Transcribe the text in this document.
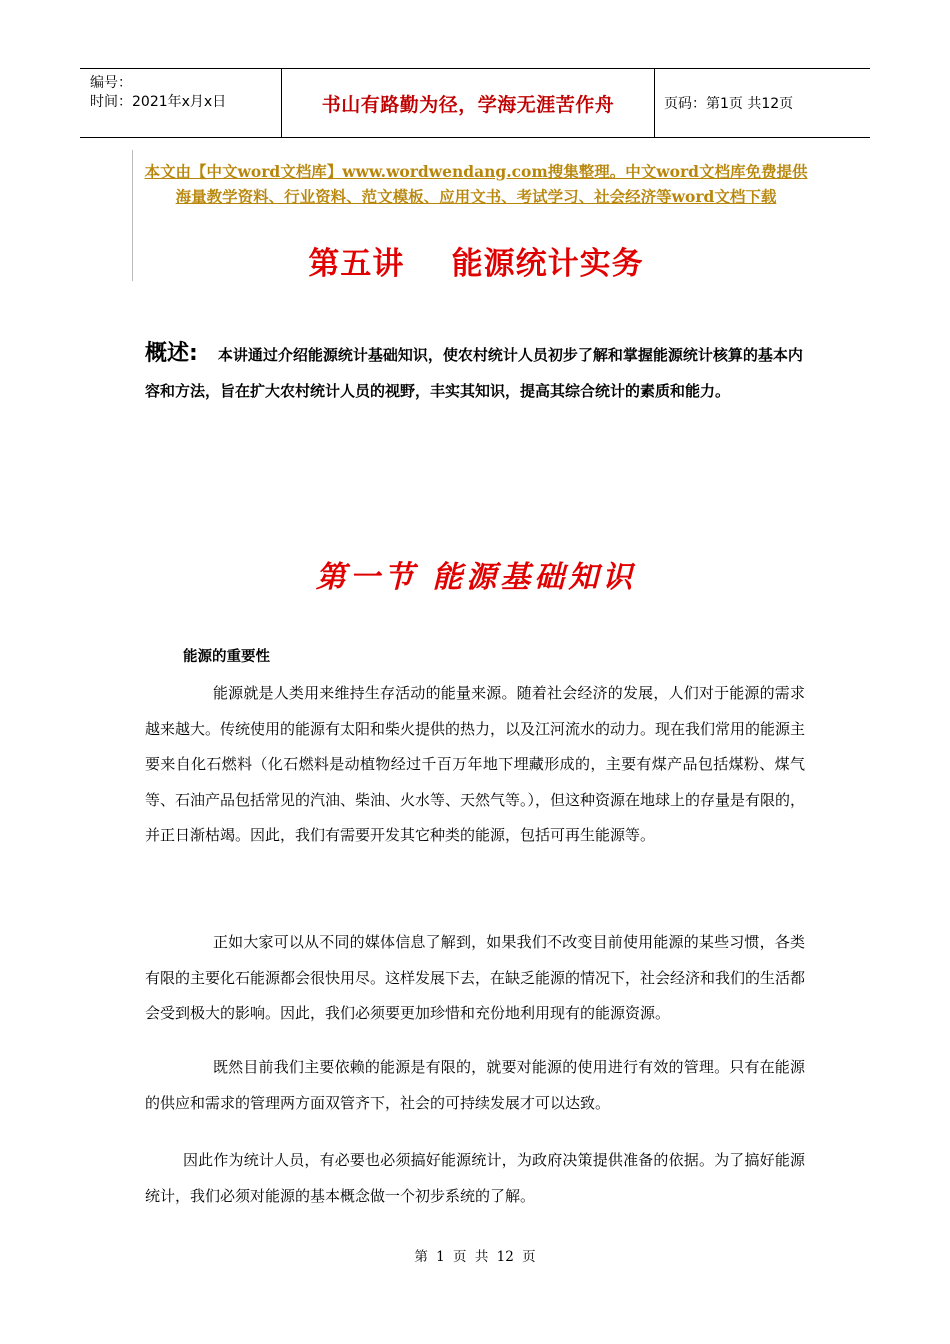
编号：
时间：2021年x月x日	书山有路勤为径，学海无涯苦作舟	页码：第1页 共12页
本文由【中文word文档库】www.wordwendang.com搜集整理。中文word文档库免费提供海量教学资料、行业资料、范文模板、应用文书、考试学习、社会经济等word文档下载
第五讲    能源统计实务
概述: 本讲通过介绍能源统计基础知识，使农村统计人员初步了解和掌握能源统计核算的基本内容和方法，旨在扩大农村统计人员的视野，丰实其知识，提高其综合统计的素质和能力。
第一节 能源基础知识
能源的重要性
能源就是人类用来维持生存活动的能量来源。随着社会经济的发展，人们对于能源的需求越来越大。传统使用的能源有太阳和柴火提供的热力，以及江河流水的动力。现在我们常用的能源主要来自化石燃料（化石燃料是动植物经过千百万年地下埋藏形成的，主要有煤产品包括煤粉、煤气等、石油产品包括常见的汽油、柴油、火水等、天然气等。），但这种资源在地球上的存量是有限的，并正日渐枯竭。因此，我们有需要开发其它种类的能源，包括可再生能源等。
正如大家可以从不同的媒体信息了解到，如果我们不改变目前使用能源的某些习惯，各类有限的主要化石能源都会很快用尽。这样发展下去，在缺乏能源的情况下，社会经济和我们的生活都会受到极大的影响。因此，我们必须要更加珍惜和充份地利用现有的能源资源。
既然目前我们主要依赖的能源是有限的，就要对能源的使用进行有效的管理。只有在能源的供应和需求的管理两方面双管齐下，社会的可持续发展才可以达致。
因此作为统计人员，有必要也必须搞好能源统计，为政府决策提供准备的依据。为了搞好能源统计，我们必须对能源的基本概念做一个初步系统的了解。
第 1 页 共 12 页
